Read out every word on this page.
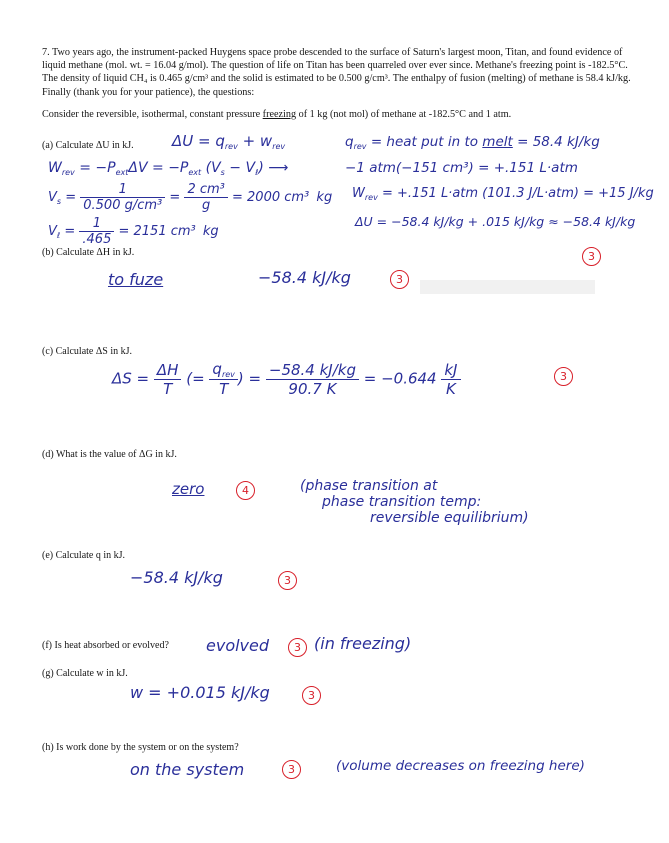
7. Two years ago, the instrument-packed Huygens space probe descended to the surface of Saturn's largest moon, Titan, and found evidence of liquid methane (mol. wt. = 16.04 g/mol). The question of life on Titan has been quarreled over ever since. Methane's freezing point is -182.5°C. The density of liquid CH₄ is 0.465 g/cm³ and the solid is estimated to be 0.500 g/cm³. The enthalpy of fusion (melting) of methane is 58.4 kJ/kg. Finally (thank you for your patience), the questions:
Consider the reversible, isothermal, constant pressure freezing of 1 kg (not mol) of methane at -182.5°C and 1 atm.
(a) Calculate ΔU in kJ.	$\Delta U = q_{rev} + w_{rev}$	$q_{rev}$ = heat put in to melt = 58.4 kJ/kg
$W_{rev} = -P_{ext}\Delta V = -P_{ext}$ $(V_s - V_\ell)$ ⟶	−1 atm(−151 cm³) = +.151 L·atm
$V_s = \frac{1}{\text{0.500 g/cm³}} = \frac{\text{2 cm³}}{g} = 2000$ cm³ kg $W_{rev} = +.151$ L·atm (101.3 J/L·atm) = +15 J/kg
$V_\ell = \frac{1}{.465} = 2151$ cm³ kg
ΔU = −58.4 kJ/kg + .015 kJ/kg ≈ −58.4 kJ/kg
3
(b) Calculate ΔH in kJ.
to fuze	−58.4 kJ/kg	3
(c) Calculate ΔS in kJ.
$\Delta S = \frac{\Delta H}{T}$ (= $\frac{q_{rev}}{T}$ ) = $\frac{-58.4 kJ/kg}{90.7 K} = -0.644 \frac{kJ}{K}$	3
(d) What is the value of ΔG in kJ.
zero	4	(phase transition at
phase transition temp:
reversible equilibrium)
(e) Calculate q in kJ.
−58.4 kJ/kg	3
(f) Is heat absorbed or evolved? evolved	3 (in freezing)
(g) Calculate w in kJ.
w = +0.015 kJ/kg	3
(h) Is work done by the system or on the system?
on the system	3	(volume decreases on freezing here)
